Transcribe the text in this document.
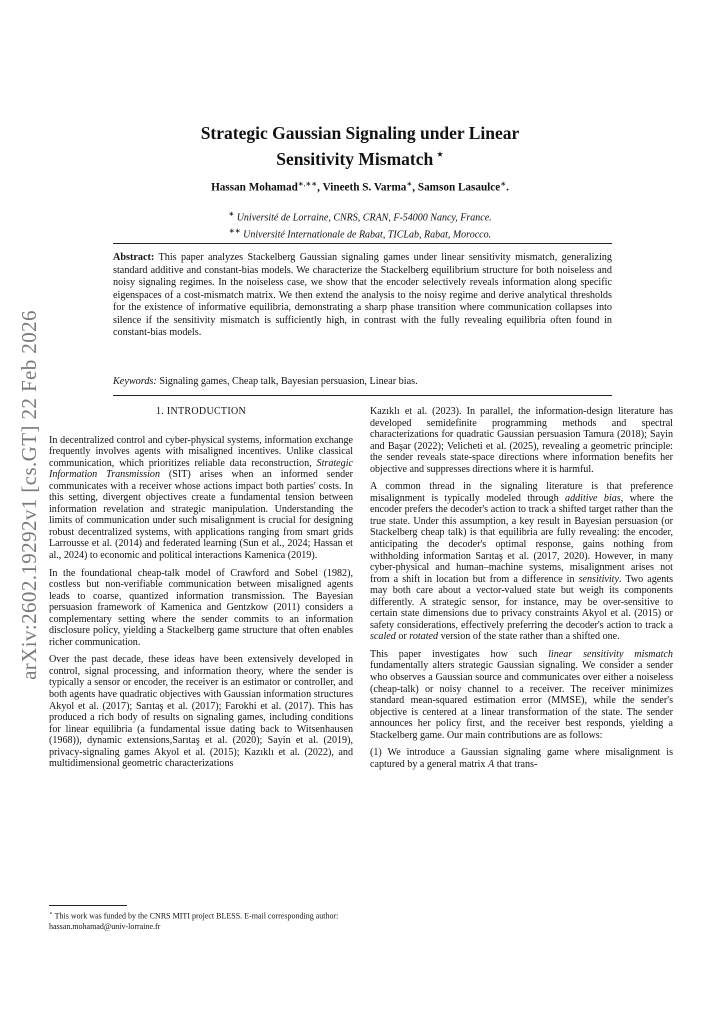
arXiv:2602.19292v1 [cs.GT] 22 Feb 2026
Strategic Gaussian Signaling under Linear
Sensitivity Mismatch ⋆
Hassan Mohamad∗,∗∗, Vineeth S. Varma∗, Samson Lasaulce∗.
∗ Université de Lorraine, CNRS, CRAN, F-54000 Nancy, France.
∗∗ Université Internationale de Rabat, TICLab, Rabat, Morocco.
Abstract: This paper analyzes Stackelberg Gaussian signaling games under linear sensitivity mismatch, generalizing standard additive and constant-bias models. We characterize the Stackelberg equilibrium structure for both noiseless and noisy signaling regimes. In the noiseless case, we show that the encoder selectively reveals information along specific eigenspaces of a cost-mismatch matrix. We then extend the analysis to the noisy regime and derive analytical thresholds for the existence of informative equilibria, demonstrating a sharp phase transition where communication collapses into silence if the sensitivity mismatch is sufficiently high, in contrast with the fully revealing equilibria often found in constant-bias models.
Keywords: Signaling games, Cheap talk, Bayesian persuasion, Linear bias.

1. INTRODUCTION

In decentralized control and cyber-physical systems, information exchange frequently involves agents with misaligned incentives. Unlike classical communication, which prioritizes reliable data reconstruction, Strategic Information Transmission (SIT) arises when an informed sender communicates with a receiver whose actions impact both parties' costs. In this setting, divergent objectives create a fundamental tension between information revelation and strategic manipulation. Understanding the limits of communication under such misalignment is crucial for designing robust decentralized systems, with applications ranging from smart grids Larrousse et al. (2014) and federated learning (Sun et al., 2024; Hassan et al., 2024) to economic and political interactions Kamenica (2019).

In the foundational cheap-talk model of Crawford and Sobel (1982), costless but non-verifiable communication between misaligned agents leads to coarse, quantized information transmission. The Bayesian persuasion framework of Kamenica and Gentzkow (2011) considers a complementary setting where the sender commits to an information disclosure policy, yielding a Stackelberg game structure that often enables richer communication.

Over the past decade, these ideas have been extensively developed in control, signal processing, and information theory, where the sender is typically a sensor or encoder, the receiver is an estimator or controller, and both agents have quadratic objectives with Gaussian information structures Akyol et al. (2017); Sarıtaş et al. (2017); Farokhi et al. (2017). This has produced a rich body of results on signaling games, including conditions for linear equilibria (a fundamental issue dating back to Witsenhausen (1968)), dynamic extensions,Sarıtaş et al. (2020); Sayin et al. (2019), privacy-signaling games Akyol et al. (2015); Kazıklı et al. (2022), and multidimensional geometric characterizations

Kazıklı et al. (2023). In parallel, the information-design literature has developed semidefinite programming methods and spectral characterizations for quadratic Gaussian persuasion Tamura (2018); Sayin and Başar (2022); Velicheti et al. (2025), revealing a geometric principle: the sender reveals state-space directions where information benefits her objective and suppresses directions where it is harmful.

A common thread in the signaling literature is that preference misalignment is typically modeled through additive bias, where the encoder prefers the decoder's action to track a shifted target rather than the true state. Under this assumption, a key result in Bayesian persuasion (or Stackelberg cheap talk) is that equilibria are fully revealing: the encoder, anticipating the decoder's optimal response, gains nothing from withholding information Sarıtaş et al. (2017, 2020). However, in many cyber-physical and human–machine systems, misalignment arises not from a shift in location but from a difference in sensitivity. Two agents may both care about a vector-valued state but weigh its components differently. A strategic sensor, for instance, may be over-sensitive to certain state dimensions due to privacy constraints Akyol et al. (2015) or safety considerations, effectively preferring the decoder's action to track a scaled or rotated version of the state rather than a shifted one.

This paper investigates how such linear sensitivity mismatch fundamentally alters strategic Gaussian signaling. We consider a sender who observes a Gaussian source and communicates over either a noiseless (cheap-talk) or noisy channel to a receiver. The receiver minimizes standard mean-squared estimation error (MMSE), while the sender's objective is centered at a linear transformation of the state. The sender announces her policy first, and the receiver best responds, yielding a Stackelberg game. Our main contributions are as follows:

(1) We introduce a Gaussian signaling game where misalignment is captured by a general matrix A that trans-

⋆ This work was funded by the CNRS MITI project BLESS. E-mail corresponding author: hassan.mohamad@univ-lorraine.fr
